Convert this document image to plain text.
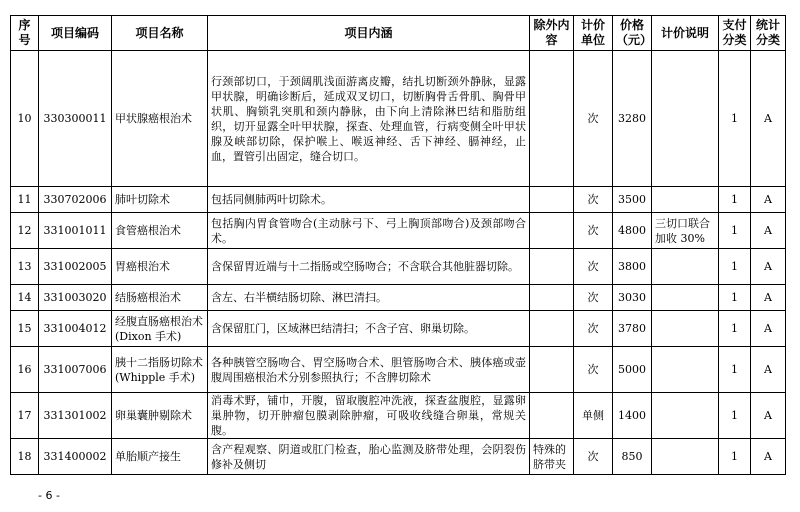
序号	项目编码	项目名称	项目内涵	除外内容	计价单位	价格（元）	计价说明	支付分类	统计分类
10	330300011	甲状腺癌根治术	行颈部切口，于颈阔肌浅面游离皮瓣，结扎切断颈外静脉，显露甲状腺，明确诊断后，延成双叉切口，切断胸骨舌骨肌、胸骨甲状肌、胸锁乳突肌和颈内静脉，由下向上清除淋巴结和脂肪组织，切开显露全叶甲状腺，探查、处理血管，行病变侧全叶甲状腺及峡部切除，保护喉上、喉返神经、舌下神经、膈神经，止血，置管引出固定，缝合切口。		次	3280		1	A
11	330702006	肺叶切除术	包括同侧肺两叶切除术。		次	3500		1	A
12	331001011	食管癌根治术	包括胸内胃食管吻合(主动脉弓下、弓上胸顶部吻合)及颈部吻合术。		次	4800	三切口联合加收 30%	1	A
13	331002005	胃癌根治术	含保留胃近端与十二指肠或空肠吻合；不含联合其他脏器切除。		次	3800		1	A
14	331003020	结肠癌根治术	含左、右半横结肠切除、淋巴清扫。		次	3030		1	A
15	331004012	经腹直肠癌根治术(Dixon 手术)	含保留肛门，区域淋巴结清扫；不含子宫、卵巢切除。		次	3780		1	A
16	331007006	胰十二指肠切除术(Whipple 手术)	各种胰管空肠吻合、胃空肠吻合术、胆管肠吻合术、胰体癌或壶腹周围癌根治术分别参照执行；不含脾切除术		次	5000		1	A
17	331301002	卵巢囊肿剔除术	消毒术野，铺巾，开腹，留取腹腔冲洗液，探查盆腹腔，显露卵巢肿物，切开肿瘤包膜剥除肿瘤，可吸收线缝合卵巢，常规关腹。		单侧	1400		1	A
18	331400002	单胎顺产接生	含产程观察、阴道或肛门检查，胎心监测及脐带处理，会阴裂伤修补及侧切	特殊的脐带夹	次	850		1	A
- 6 -
